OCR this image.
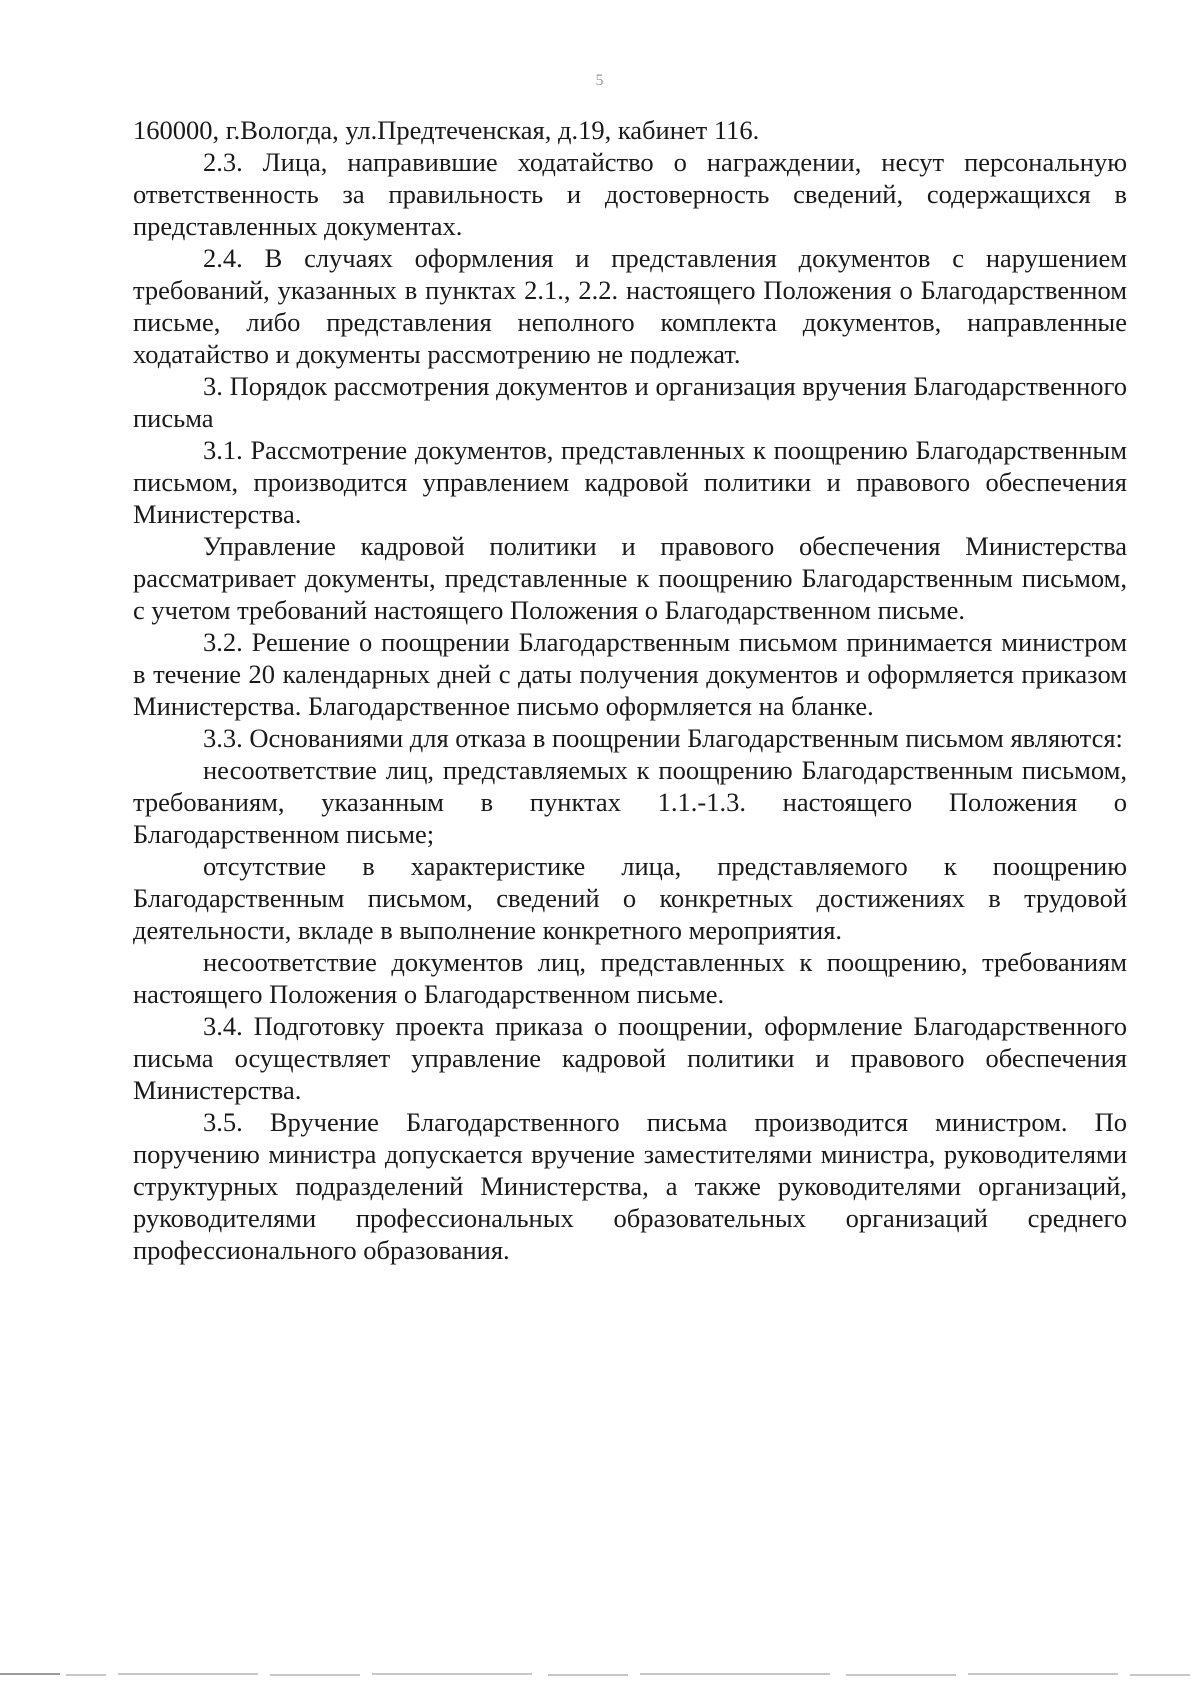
5

160000, г.Вологда, ул.Предтеченская, д.19, кабинет 116.

2.3. Лица, направившие ходатайство о награждении, несут персональную ответственность за правильность и достоверность сведений, содержащихся в представленных документах.

2.4. В случаях оформления и представления документов с нарушением требований, указанных в пунктах 2.1., 2.2. настоящего Положения о Благодарственном письме, либо представления неполного комплекта документов, направленные ходатайство и документы рассмотрению не подлежат.

3. Порядок рассмотрения документов и организация вручения Благодарственного письма

3.1. Рассмотрение документов, представленных к поощрению Благодарственным письмом, производится управлением кадровой политики и правового обеспечения Министерства.

Управление кадровой политики и правового обеспечения Министерства рассматривает документы, представленные к поощрению Благодарственным письмом, с учетом требований настоящего Положения о Благодарственном письме.

3.2. Решение о поощрении Благодарственным письмом принимается министром в течение 20 календарных дней с даты получения документов и оформляется приказом Министерства. Благодарственное письмо оформляется на бланке.

3.3. Основаниями для отказа в поощрении Благодарственным письмом являются:

несоответствие лиц, представляемых к поощрению Благодарственным письмом, требованиям, указанным в пунктах 1.1.-1.3. настоящего Положения о Благодарственном письме;

отсутствие в характеристике лица, представляемого к поощрению Благодарственным письмом, сведений о конкретных достижениях в трудовой деятельности, вкладе в выполнение конкретного мероприятия.

несоответствие документов лиц, представленных к поощрению, требованиям настоящего Положения о Благодарственном письме.

3.4. Подготовку проекта приказа о поощрении, оформление Благодарственного письма осуществляет управление кадровой политики и правового обеспечения Министерства.

3.5. Вручение Благодарственного письма производится министром. По поручению министра допускается вручение заместителями министра, руководителями структурных подразделений Министерства, а также руководителями организаций, руководителями профессиональных образовательных организаций среднего профессионального образования.
